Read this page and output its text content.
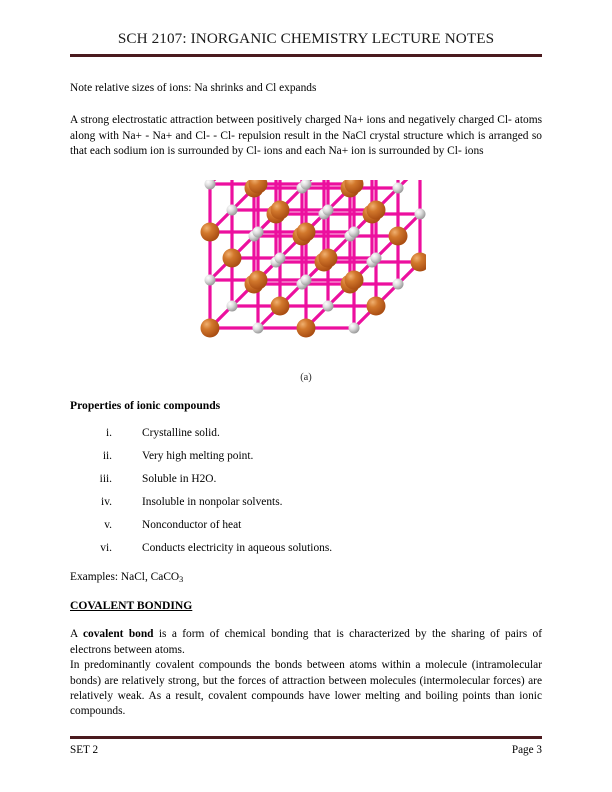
SCH 2107: INORGANIC CHEMISTRY LECTURE NOTES

Note relative sizes of ions: Na shrinks and Cl expands

A strong electrostatic attraction between positively charged Na+ ions and negatively charged Cl- atoms along with Na+ - Na+ and Cl- - Cl- repulsion result in the NaCl crystal structure which is arranged so that each sodium ion is surrounded by Cl- ions and each Na+ ion is surrounded by Cl- ions

(a)
Properties of ionic compounds
i.	Crystalline solid.
ii.	Very high melting point.
iii.	Soluble in H2O.
iv.	Insoluble in nonpolar solvents.
v.	Nonconductor of heat
vi.	Conducts electricity in aqueous solutions.

Examples: NaCl, CaCO$_3$

COVALENT BONDING

A covalent bond is a form of chemical bonding that is characterized by the sharing of pairs of electrons between atoms.

In predominantly covalent compounds the bonds between atoms within a molecule (intramolecular bonds) are relatively strong, but the forces of attraction between molecules (intermolecular forces) are relatively weak. As a result, covalent compounds have lower melting and boiling points than ionic compounds.

SET 2	Page 3
